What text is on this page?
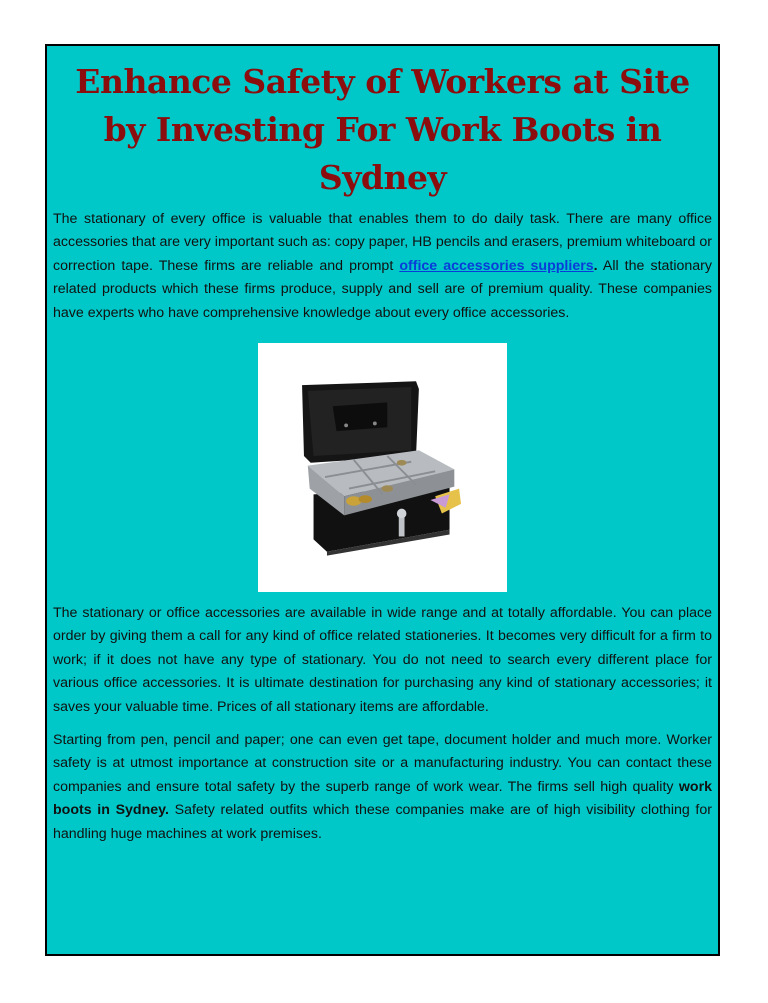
Enhance Safety of Workers at Site by Investing For Work Boots in Sydney

The stationary of every office is valuable that enables them to do daily task. There are many office accessories that are very important such as: copy paper, HB pencils and erasers, premium whiteboard or correction tape. These firms are reliable and prompt office accessories suppliers. All the stationary related products which these firms produce, supply and sell are of premium quality. These companies have experts who have comprehensive knowledge about every office accessories.

The stationary or office accessories are available in wide range and at totally affordable. You can place order by giving them a call for any kind of office related stationeries. It becomes very difficult for a firm to work; if it does not have any type of stationary. You do not need to search every different place for various office accessories. It is ultimate destination for purchasing any kind of stationary accessories; it saves your valuable time. Prices of all stationary items are affordable.

Starting from pen, pencil and paper; one can even get tape, document holder and much more. Worker safety is at utmost importance at construction site or a manufacturing industry. You can contact these companies and ensure total safety by the superb range of work wear. The firms sell high quality work boots in Sydney. Safety related outfits which these companies make are of high visibility clothing for handling huge machines at work premises.
